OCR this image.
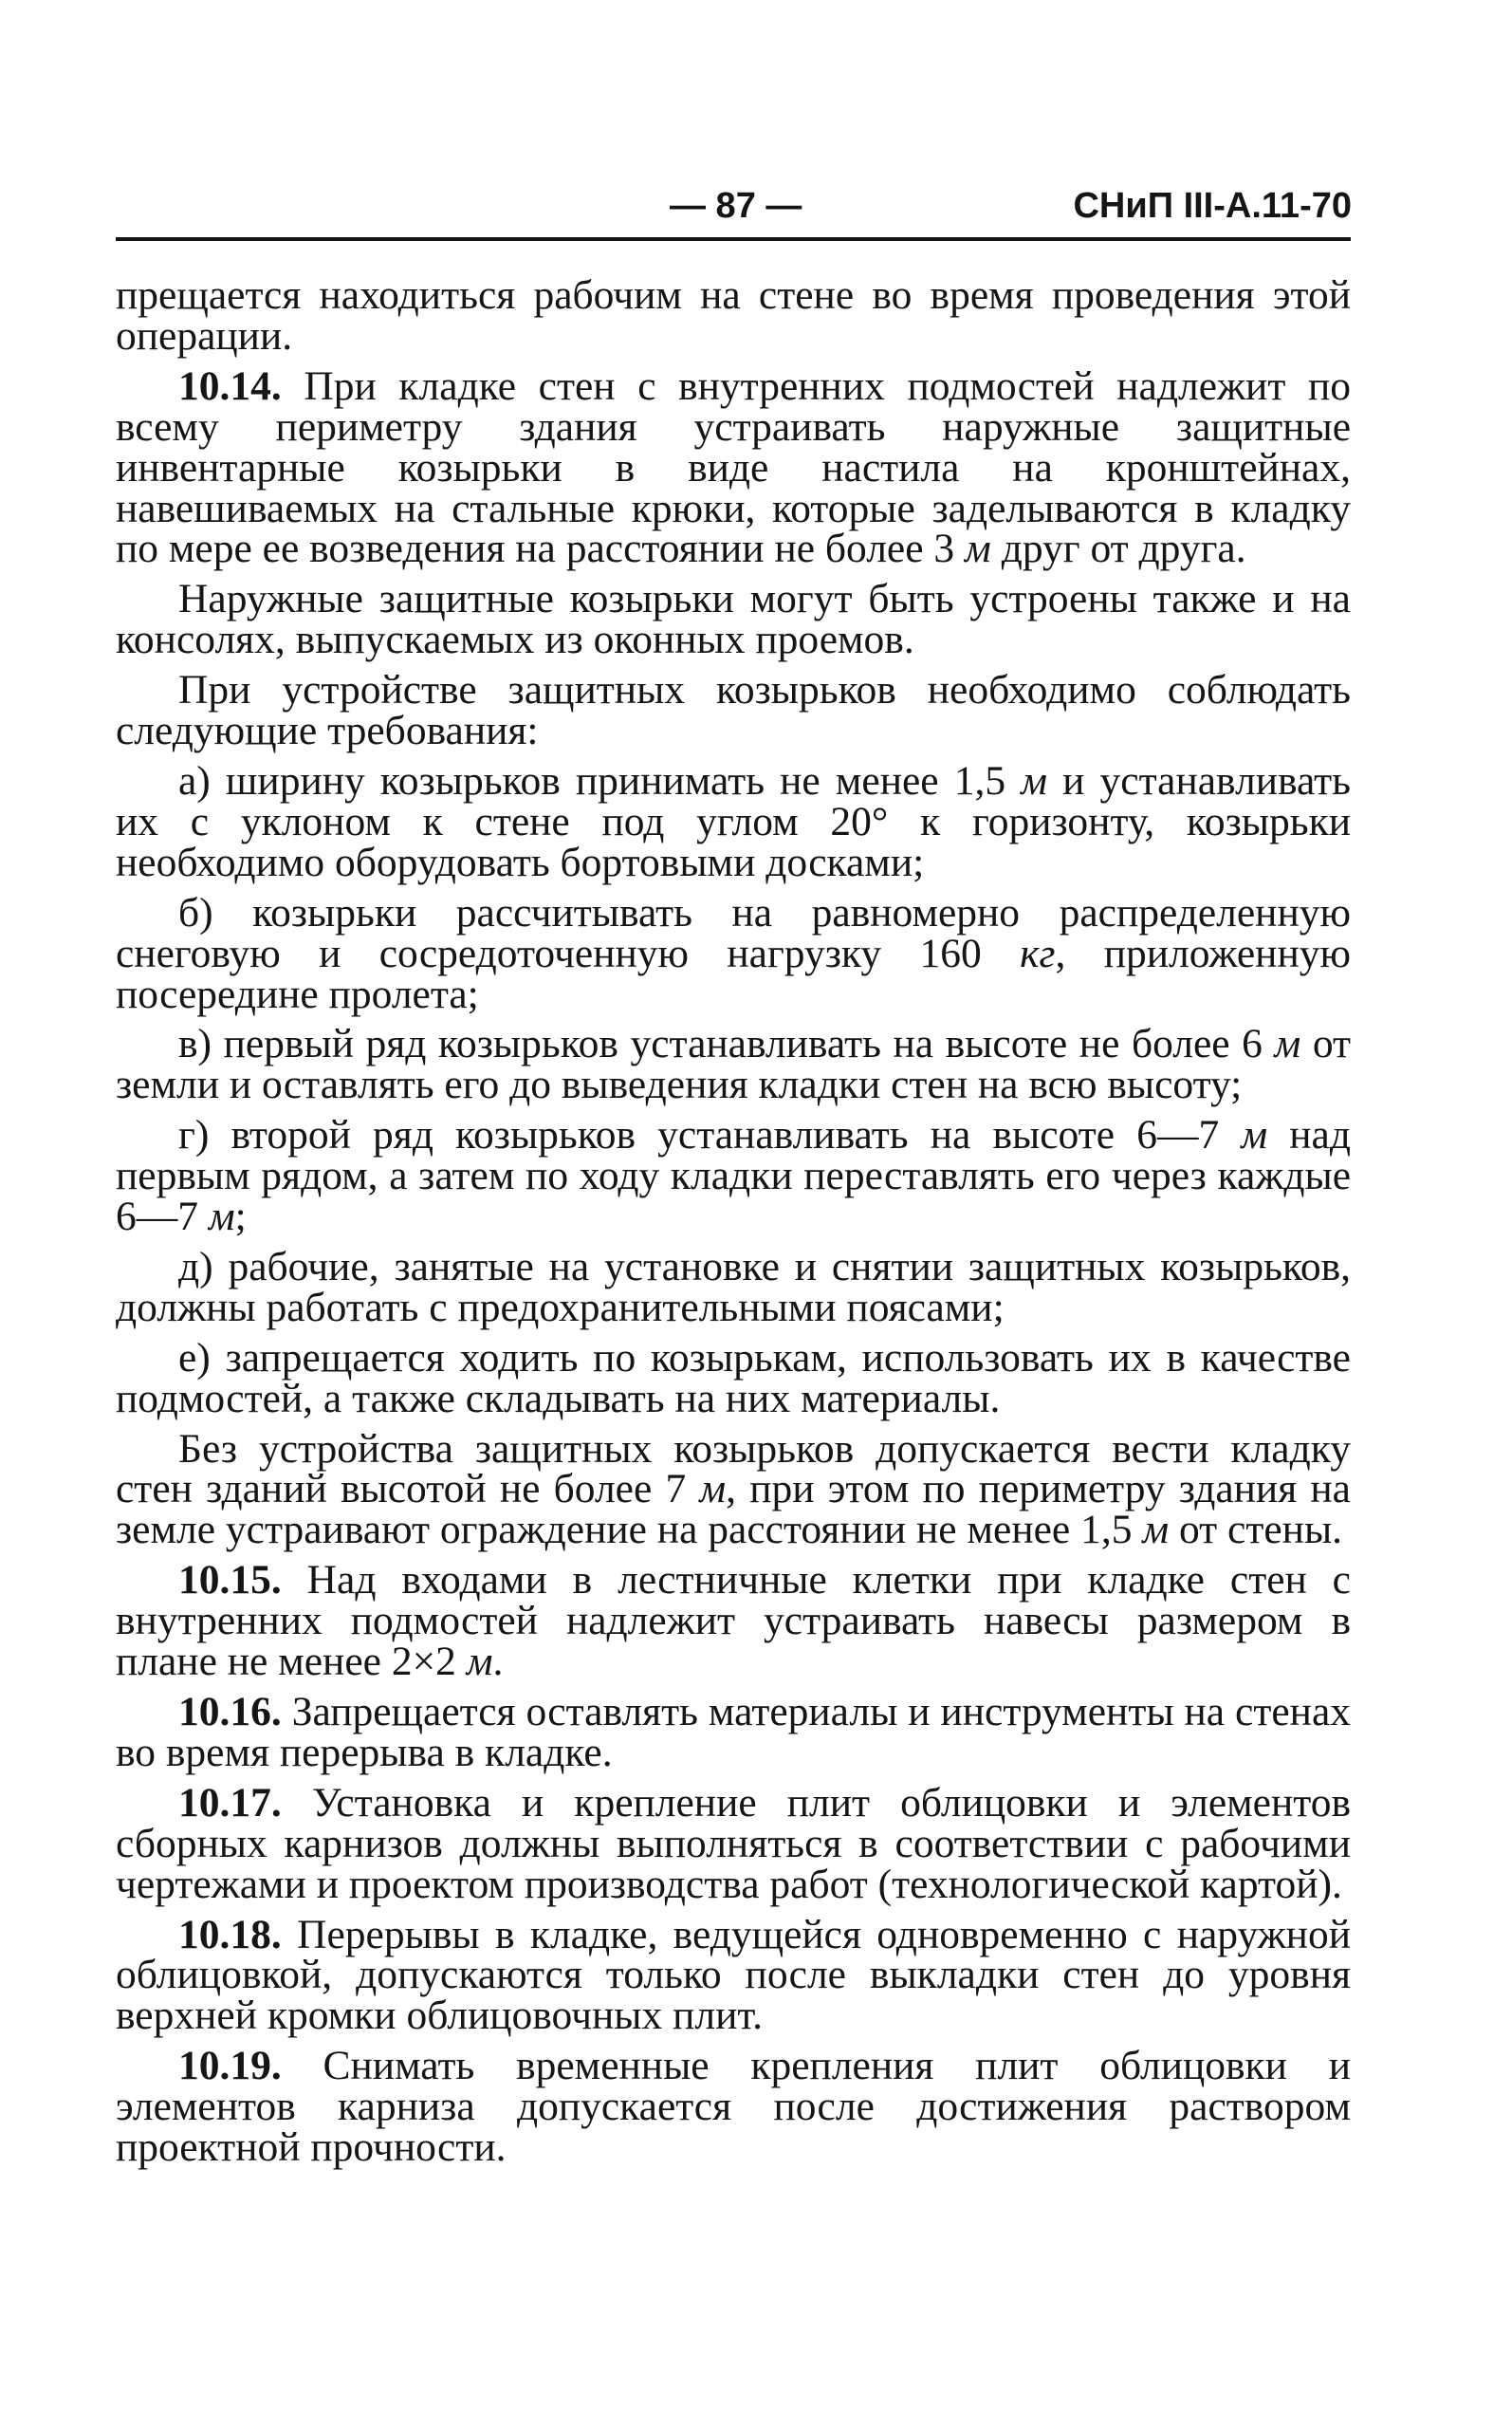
— 87 —	СНиП III-А.11-70

прещается находиться рабочим на стене во время проведения этой операции.

10.14. При кладке стен с внутренних подмостей надлежит по всему периметру здания устраивать наружные защитные инвентарные козырьки в виде настила на кронштейнах, навешиваемых на стальные крюки, которые заделываются в кладку по мере ее возведения на расстоянии не более 3 м друг от друга.

Наружные защитные козырьки могут быть устроены также и на консолях, выпускаемых из оконных проемов.

При устройстве защитных козырьков необходимо соблюдать следующие требования:

а) ширину козырьков принимать не менее 1,5 м и устанавливать их с уклоном к стене под углом 20° к горизонту, козырьки необходимо оборудовать бортовыми досками;

б) козырьки рассчитывать на равномерно распределенную снеговую и сосредоточенную нагрузку 160 кг, приложенную посередине пролета;

в) первый ряд козырьков устанавливать на высоте не более 6 м от земли и оставлять его до выведения кладки стен на всю высоту;

г) второй ряд козырьков устанавливать на высоте 6—7 м над первым рядом, а затем по ходу кладки переставлять его через каждые 6—7 м;

д) рабочие, занятые на установке и снятии защитных козырьков, должны работать с предохранительными поясами;

е) запрещается ходить по козырькам, использовать их в качестве подмостей, а также складывать на них материалы.

Без устройства защитных козырьков допускается вести кладку стен зданий высотой не более 7 м, при этом по периметру здания на земле устраивают ограждение на расстоянии не менее 1,5 м от стены.

10.15. Над входами в лестничные клетки при кладке стен с внутренних подмостей надлежит устраивать навесы размером в плане не менее 2×2 м.

10.16. Запрещается оставлять материалы и инструменты на стенах во время перерыва в кладке.

10.17. Установка и крепление плит облицовки и элементов сборных карнизов должны выполняться в соответствии с рабочими чертежами и проектом производства работ (технологической картой).

10.18. Перерывы в кладке, ведущейся одновременно с наружной облицовкой, допускаются только после выкладки стен до уровня верхней кромки облицовочных плит.

10.19. Снимать временные крепления плит облицовки и элементов карниза допускается после достижения раствором проектной прочности.
